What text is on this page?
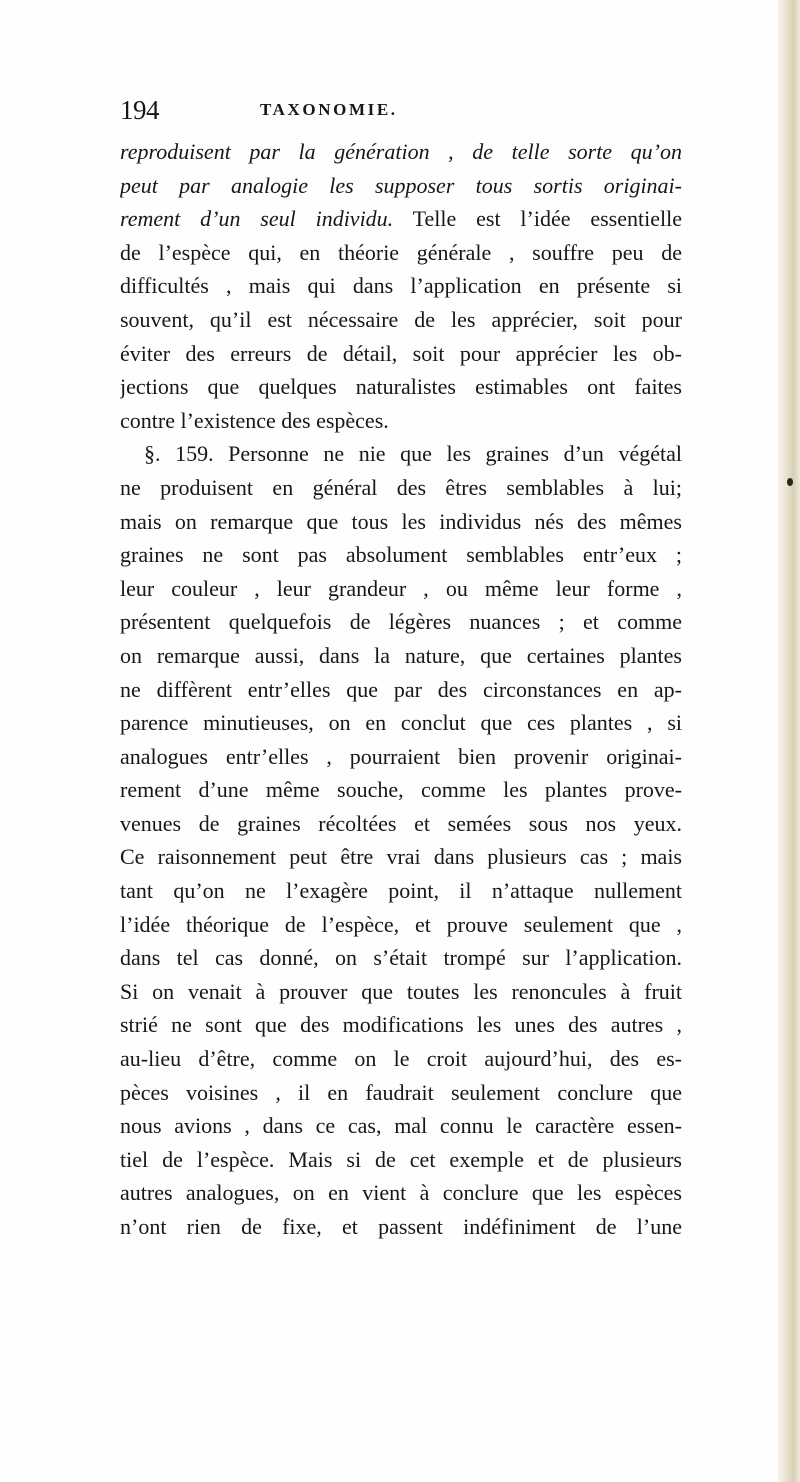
194	TAXONOMIE.
reproduisent par la génération , de telle sorte qu’on
peut par analogie les supposer tous sortis originai-
rement d’un seul individu. Telle est l’idée essentielle
de l’espèce qui, en théorie générale , souffre peu de
difficultés , mais qui dans l’application en présente si
souvent, qu’il est nécessaire de les apprécier, soit pour
éviter des erreurs de détail, soit pour apprécier les ob-
jections que quelques naturalistes estimables ont faites
contre l’existence des espèces.
§. 159. Personne ne nie que les graines d’un végétal
ne produisent en général des êtres semblables à lui;
mais on remarque que tous les individus nés des mêmes
graines ne sont pas absolument semblables entr’eux ;
leur couleur , leur grandeur , ou même leur forme ,
présentent quelquefois de légères nuances ; et comme
on remarque aussi, dans la nature, que certaines plantes
ne diffèrent entr’elles que par des circonstances en ap-
parence minutieuses, on en conclut que ces plantes , si
analogues entr’elles , pourraient bien provenir originai-
rement d’une même souche, comme les plantes prove-
venues de graines récoltées et semées sous nos yeux.
Ce raisonnement peut être vrai dans plusieurs cas ; mais
tant qu’on ne l’exagère point, il n’attaque nullement
l’idée théorique de l’espèce, et prouve seulement que ,
dans tel cas donné, on s’était trompé sur l’application.
Si on venait à prouver que toutes les renoncules à fruit
strié ne sont que des modifications les unes des autres ,
au-lieu d’être, comme on le croit aujourd’hui, des es-
pèces voisines , il en faudrait seulement conclure que
nous avions , dans ce cas, mal connu le caractère essen-
tiel de l’espèce. Mais si de cet exemple et de plusieurs
autres analogues, on en vient à conclure que les espèces
n’ont rien de fixe, et passent indéfiniment de l’une
